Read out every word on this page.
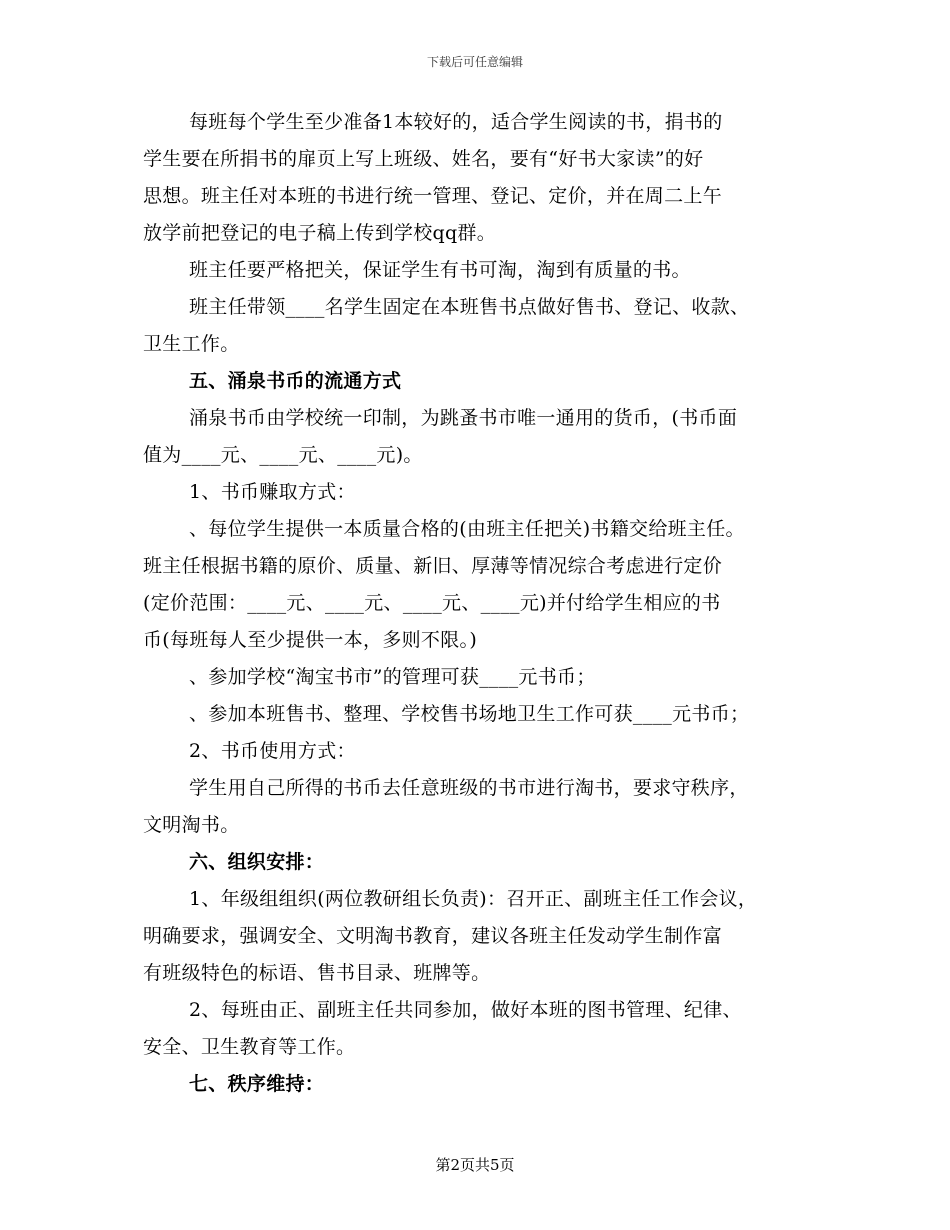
下载后可任意编辑

每班每个学生至少准备1本较好的，适合学生阅读的书，捐书的

学生要在所捐书的扉页上写上班级、姓名，要有“好书大家读”的好

思想。班主任对本班的书进行统一管理、登记、定价，并在周二上午

放学前把登记的电子稿上传到学校qq群。

班主任要严格把关，保证学生有书可淘，淘到有质量的书。

班主任带领____名学生固定在本班售书点做好售书、登记、收款、

卫生工作。

五、涌泉书币的流通方式

涌泉书币由学校统一印制，为跳蚤书市唯一通用的货币，(书币面

值为____元、____元、____元)。

1、书币赚取方式：

、每位学生提供一本质量合格的(由班主任把关)书籍交给班主任。

班主任根据书籍的原价、质量、新旧、厚薄等情况综合考虑进行定价

(定价范围：____元、____元、____元、____元)并付给学生相应的书

币(每班每人至少提供一本，多则不限。)

、参加学校“淘宝书市”的管理可获____元书币；

、参加本班售书、整理、学校售书场地卫生工作可获____元书币；

2、书币使用方式：

学生用自己所得的书币去任意班级的书市进行淘书，要求守秩序，

文明淘书。

六、组织安排：

1、年级组组织(两位教研组长负责)：召开正、副班主任工作会议，

明确要求，强调安全、文明淘书教育，建议各班主任发动学生制作富

有班级特色的标语、售书目录、班牌等。

2、每班由正、副班主任共同参加，做好本班的图书管理、纪律、

安全、卫生教育等工作。

七、秩序维持：

第2页共5页
